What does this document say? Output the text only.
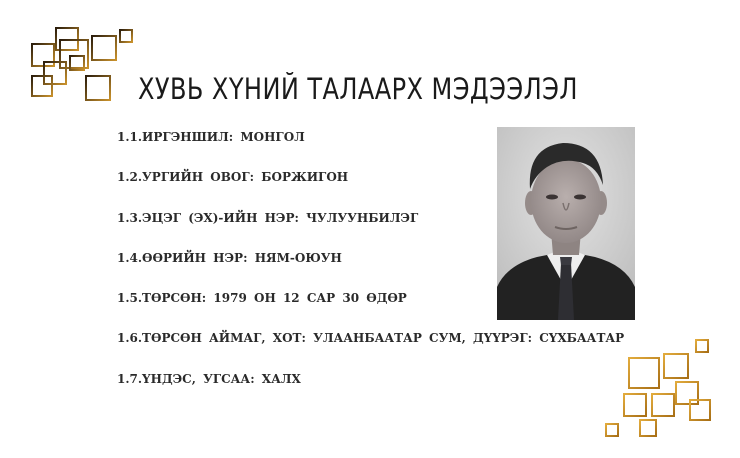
ХУВЬ ХҮНИЙ ТАЛААРХ МЭДЭЭЛЭЛ
1.1.ИРГЭНШИЛ: МОНГОЛ
1.2.УРГИЙН ОВОГ: БОРЖИГОН
1.3.ЭЦЭГ (ЭХ)-ИЙН НЭР: ЧУЛУУНБИЛЭГ
1.4.ӨӨРИЙН НЭР: НЯМ-ОЮУН
1.5.ТӨРСӨН: 1979 ОН 12 САР 30 ӨДӨР
1.6.ТӨРСӨН АЙМАГ, ХОТ: УЛААНБААТАР СУМ, ДҮҮРЭГ: СҮХБААТАР
1.7.ҮНДЭС, УГСАА: ХАЛХ
